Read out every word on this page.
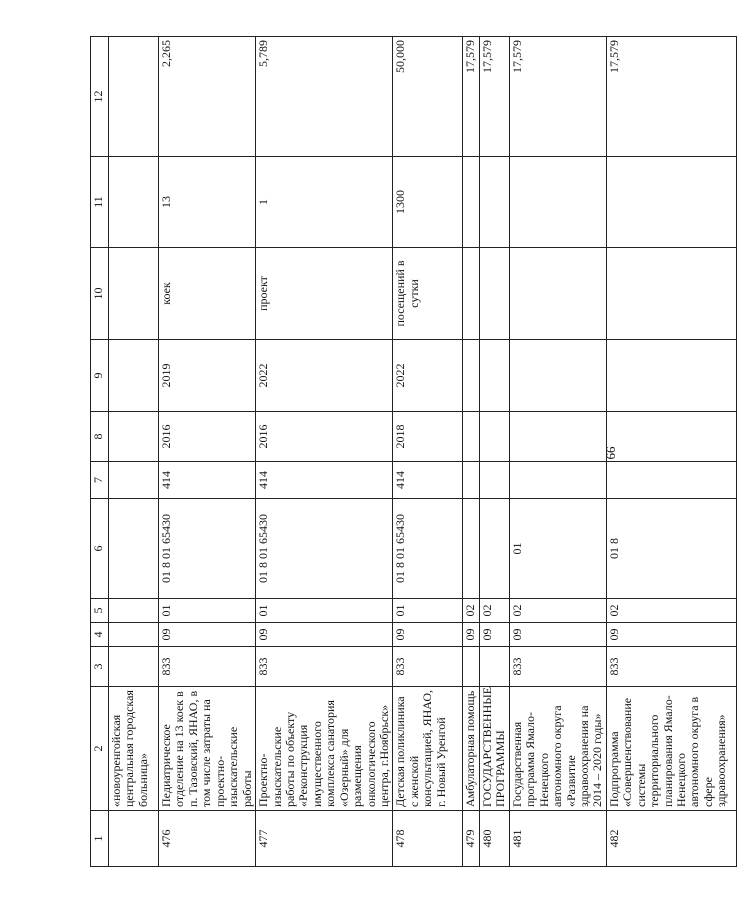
66
1	2	3	4	5	6	7	8	9	10	11	12
	«новоуренгойская центральная городская больница»										
476	Педиатрическое отделение на 13 коек в п. Тазовский, ЯНАО, в том числе затраты на проектно-изыскательские работы	833	09	01	01 8 01 65430	414	2016	2019	коек	13	2,265
477	Проектно-изыскательские работы по объекту «Реконструкция имущественного комплекса санатория «Озерный» для размещения онкологического центра, г.Ноябрьск»	833	09	01	01 8 01 65430	414	2016	2022	проект	1	5,789
478	Детская поликлиника с женской консультацией, ЯНАО, г. Новый Уренгой	833	09	01	01 8 01 65430	414	2018	2022	посещений в сутки	1300	50,000
479	Амбулаторная помощь		09	02							17,579
480	ГОСУДАРСТВЕННЫЕ ПРОГРАММЫ		09	02							17,579
481	Государственная программа Ямало-Ненецкого автономного округа «Развитие здравоохранения на 2014 – 2020 годы»	833	09	02	01						17,579
482	Подпрограмма «Совершенствование системы территориального планирования Ямало-Ненецкого автономного округа в сфере здравоохранения»	833	09	02	01 8						17,579
